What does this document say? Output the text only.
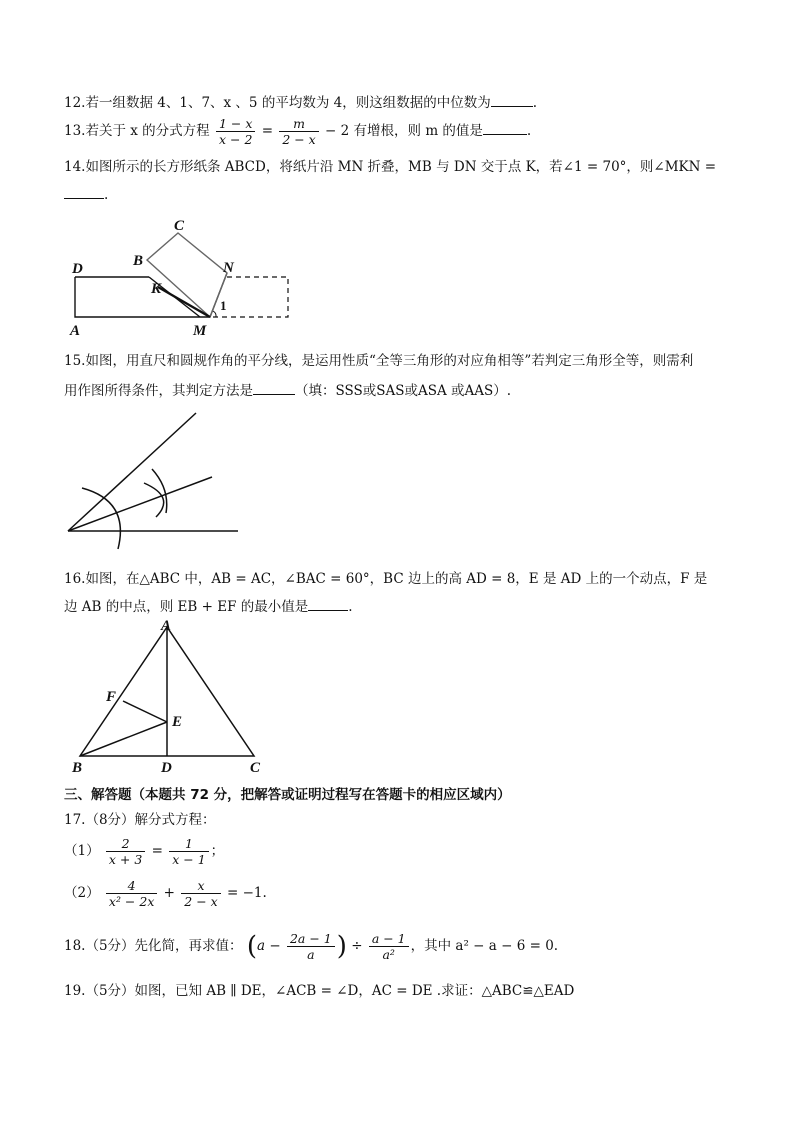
12.若一组数据 4、1、7、x 、5 的平均数为 4，则这组数据的中位数为	.
13.若关于 x 的分式方程 $\frac{1 - x}{x - 2} = \frac{m}{2 - x} - 2$ 有增根，则 m 的值是	.
14.如图所示的长方形纸条 ABCD，将纸片沿 MN 折叠，MB 与 DN 交于点 K，若∠1 = 70°，则∠MKN =
.
C
B
D	N
K
A	M
1
15.如图，用直尺和圆规作角的平分线，是运用性质“全等三角形的对应角相等”若判定三角形全等，则需利
用作图所得条件，其判定方法是	（填：SSS或SAS或ASA 或AAS）.
16.如图，在△ABC 中，AB = AC，∠BAC = 60°，BC 边上的高 AD = 8，E 是 AD 上的一个动点，F 是
边 AB 的中点，则 EB + EF 的最小值是	.
A
F
E
B	D	C
三、解答题（本题共 72 分，把解答或证明过程写在答题卡的相应区域内）
17.（8分）解分式方程：
$(1) \frac{2}{x + 3} = \frac{1}{x - 1}$ ；
$(2) \frac{4}{\text{x² − 2x}} + \frac{x}{2 - x} = -1$.
18.（5分）先化简，再求值： ($a - \frac{2a - 1}{a}$ ) ÷ $\frac{a - 1}{\text{a²}}$ ，其中 a² − a − 6 = 0.
19.（5分）如图，已知 AB ∥ DE，∠ACB = ∠D，AC = DE .求证：△ABC≌△EAD
